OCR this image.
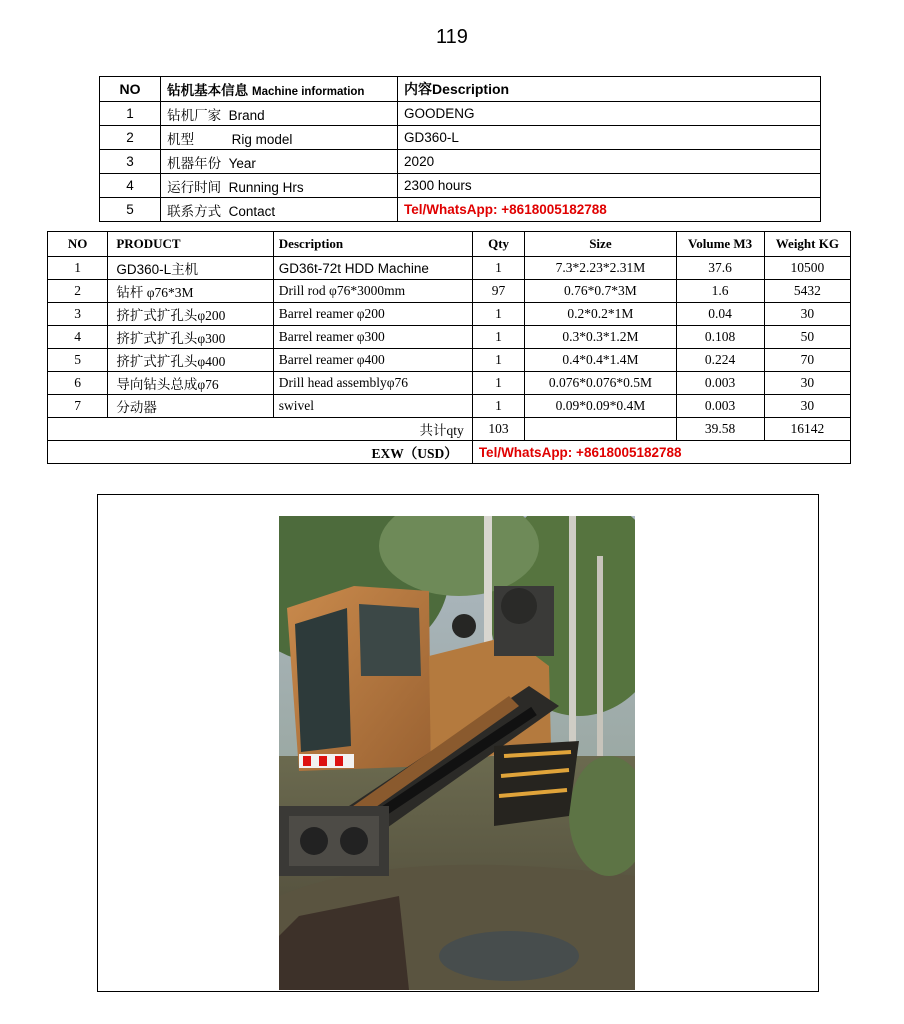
119
NO	钻机基本信息 Machine information	内容Description
1	钻机厂家 Brand	GOODENG
2	机型 Rig model	GD360-L
3	机器年份 Year	2020
4	运行时间 Running Hrs	2300 hours
5	联系方式 Contact	Tel/WhatsApp: +8618005182788
NO	PRODUCT	Description	Qty	Size	Volume M3	Weight KG
1	GD360-L主机	GD36t-72t HDD Machine	1	7.3*2.23*2.31M	37.6	10500
2	钻杆 φ76*3M	Drill rod φ76*3000mm	97	0.76*0.7*3M	1.6	5432
3	挤扩式扩孔头φ200	Barrel reamer φ200	1	0.2*0.2*1M	0.04	30
4	挤扩式扩孔头φ300	Barrel reamer φ300	1	0.3*0.3*1.2M	0.108	50
5	挤扩式扩孔头φ400	Barrel reamer φ400	1	0.4*0.4*1.4M	0.224	70
6	导向钻头总成φ76	Drill head assemblyφ76	1	0.076*0.076*0.5M	0.003	30
7	分动器	swivel	1	0.09*0.09*0.4M	0.003	30
共计qty			103		39.58	16142
EXW（USD）			Tel/WhatsApp: +8618005182788			
